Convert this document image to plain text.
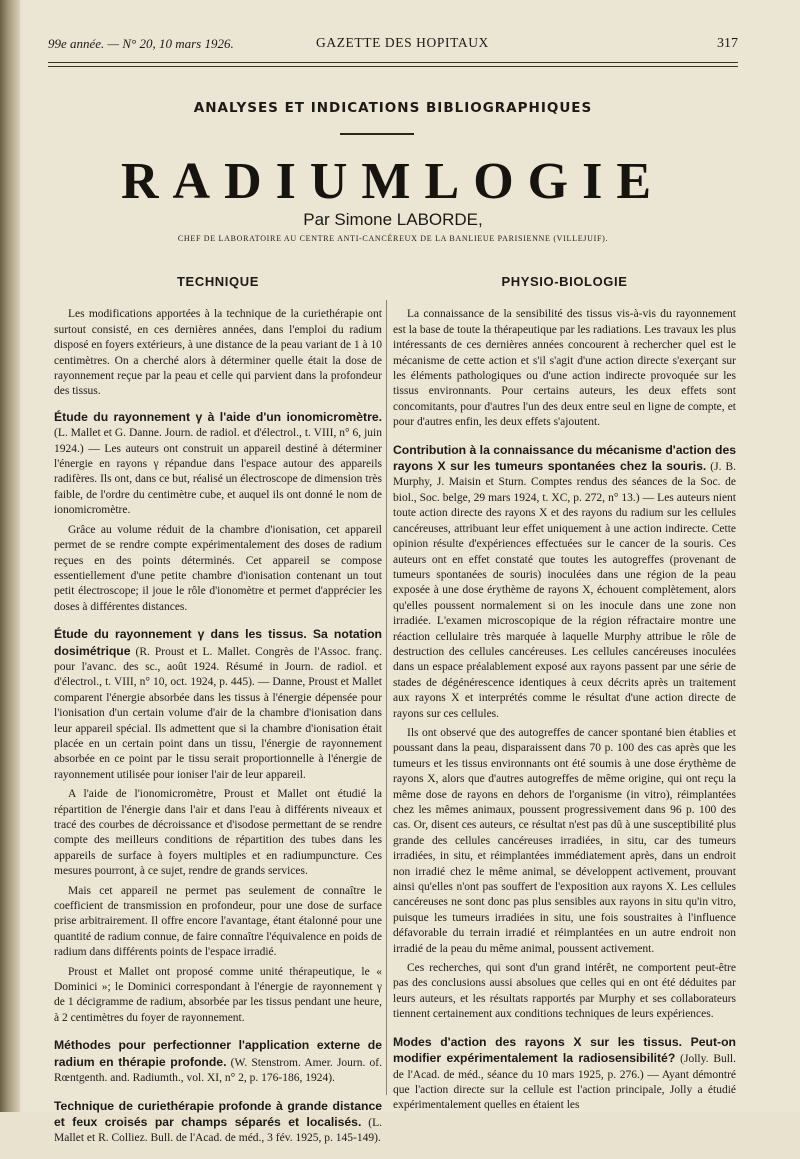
99e année. — N° 20, 10 mars 1926.	GAZETTE DES HOPITAUX	317
ANALYSES ET INDICATIONS BIBLIOGRAPHIQUES
RADIUMLOGIE
Par Simone LABORDE,
CHEF DE LABORATOIRE AU CENTRE ANTI-CANCÉREUX DE LA BANLIEUE PARISIENNE (VILLEJUIF).
TECHNIQUE

Les modifications apportées à la technique de la curiethérapie ont surtout consisté, en ces dernières années, dans l'emploi du radium disposé en foyers extérieurs, à une distance de la peau variant de 1 à 10 centimètres. On a cherché alors à déterminer quelle était la dose de rayonnement reçue par la peau et celle qui parvient dans la profondeur des tissus.

Étude du rayonnement γ à l'aide d'un ionomicromètre. (L. Mallet et G. Danne. Journ. de radiol. et d'électrol., t. VIII, n° 6, juin 1924.) — Les auteurs ont construit un appareil destiné à déterminer l'énergie en rayons γ répandue dans l'espace autour des appareils radifères. Ils ont, dans ce but, réalisé un électroscope de dimension très faible, de l'ordre du centimètre cube, et auquel ils ont donné le nom de ionomicromètre.

Grâce au volume réduit de la chambre d'ionisation, cet appareil permet de se rendre compte expérimentalement des doses de radium reçues en des points déterminés. Cet appareil se compose essentiellement d'une petite chambre d'ionisation contenant un tout petit électroscope; il joue le rôle d'ionomètre et permet d'apprécier les doses à différentes distances.

Étude du rayonnement γ dans les tissus. Sa notation dosimétrique (R. Proust et L. Mallet. Congrès de l'Assoc. franç. pour l'avanc. des sc., août 1924. Résumé in Journ. de radiol. et d'électrol., t. VIII, n° 10, oct. 1924, p. 445). — Danne, Proust et Mallet comparent l'énergie absorbée dans les tissus à l'énergie dépensée pour l'ionisation d'un certain volume d'air de la chambre d'ionisation dans leur appareil spécial. Ils admettent que si la chambre d'ionisation était placée en un certain point dans un tissu, l'énergie de rayonnement absorbée en ce point par le tissu serait proportionnelle à l'énergie de rayonnement utilisée pour ioniser l'air de leur appareil.

A l'aide de l'ionomicromètre, Proust et Mallet ont étudié la répartition de l'énergie dans l'air et dans l'eau à différents niveaux et tracé des courbes de décroissance et d'isodose permettant de se rendre compte des meilleurs conditions de répartition des tubes dans les appareils de surface à foyers multiples et en radiumpuncture. Ces mesures pourront, à ce sujet, rendre de grands services.

Mais cet appareil ne permet pas seulement de connaître le coefficient de transmission en profondeur, pour une dose de surface prise arbitrairement. Il offre encore l'avantage, étant étalonné pour une quantité de radium connue, de faire connaître l'équivalence en poids de radium dans différents points de l'espace irradié.

Proust et Mallet ont proposé comme unité thérapeutique, le « Dominici »; le Dominici correspondant à l'énergie de rayonnement γ de 1 décigramme de radium, absorbée par les tissus pendant une heure, à 2 centimètres du foyer de rayonnement.

Méthodes pour perfectionner l'application externe de radium en thérapie profonde. (W. Stenstrom. Amer. Journ. of. Rœntgenth. and. Radiumth., vol. XI, n° 2, p. 176-186, 1924).

Technique de curiethérapie profonde à grande distance et feux croisés par champs séparés et localisés. (L. Mallet et R. Colliez. Bull. de l'Acad. de méd., 3 fév. 1925, p. 145-149).

PHYSIO-BIOLOGIE

La connaissance de la sensibilité des tissus vis-à-vis du rayonnement est la base de toute la thérapeutique par les radiations. Les travaux les plus intéressants de ces dernières années concourent à rechercher quel est le mécanisme de cette action et s'il s'agit d'une action directe s'exerçant sur les éléments pathologiques ou d'une action indirecte provoquée sur les tissus environnants. Pour certains auteurs, les deux effets sont concomitants, pour d'autres l'un des deux entre seul en ligne de compte, et pour d'autres enfin, les deux effets s'ajoutent.

Contribution à la connaissance du mécanisme d'action des rayons X sur les tumeurs spontanées chez la souris. (J. B. Murphy, J. Maisin et Sturn. Comptes rendus des séances de la Soc. de biol., Soc. belge, 29 mars 1924, t. XC, p. 272, n° 13.) — Les auteurs nient toute action directe des rayons X et des rayons du radium sur les cellules cancéreuses, attribuant leur effet uniquement à une action indirecte. Cette opinion résulte d'expériences effectuées sur le cancer de la souris. Ces auteurs ont en effet constaté que toutes les autogreffes (provenant de tumeurs spontanées de souris) inoculées dans une région de la peau exposée à une dose érythème de rayons X, échouent complètement, alors qu'elles poussent normalement si on les inocule dans une zone non irradiée. L'examen microscopique de la région réfractaire montre une réaction cellulaire très marquée à laquelle Murphy attribue le rôle de destruction des cellules cancéreuses. Les cellules cancéreuses inoculées dans un espace préalablement exposé aux rayons passent par une série de stades de dégénérescence identiques à ceux décrits après un traitement aux rayons X et interprétés comme le résultat d'une action directe de rayons sur ces cellules.

Ils ont observé que des autogreffes de cancer spontané bien établies et poussant dans la peau, disparaissent dans 70 p. 100 des cas après que les tumeurs et les tissus environnants ont été soumis à une dose érythème de rayons X, alors que d'autres autogreffes de même origine, qui ont reçu la même dose de rayons en dehors de l'organisme (in vitro), réimplantées chez les mêmes animaux, poussent progressivement dans 96 p. 100 des cas. Or, disent ces auteurs, ce résultat n'est pas dû à une susceptibilité plus grande des cellules cancéreuses irradiées, in situ, car des tumeurs irradiées, in situ, et réimplantées immédiatement après, dans un endroit non irradié chez le même animal, se développent activement, prouvant ainsi qu'elles n'ont pas souffert de l'exposition aux rayons X. Les cellules cancéreuses ne sont donc pas plus sensibles aux rayons in situ qu'in vitro, puisque les tumeurs irradiées in situ, une fois soustraites à l'influence défavorable du terrain irradié et réimplantées en un autre endroit non irradié de la peau du même animal, poussent activement.

Ces recherches, qui sont d'un grand intérêt, ne comportent peut-être pas des conclusions aussi absolues que celles qui en ont été déduites par leurs auteurs, et les résultats rapportés par Murphy et ses collaborateurs tiennent certainement aux conditions techniques de leurs expériences.

Modes d'action des rayons X sur les tissus. Peut-on modifier expérimentalement la radiosensibilité? (Jolly. Bull. de l'Acad. de méd., séance du 10 mars 1925, p. 276.) — Ayant démontré que l'action directe sur la cellule est l'action principale, Jolly a étudié expérimentalement quelles en étaient les
